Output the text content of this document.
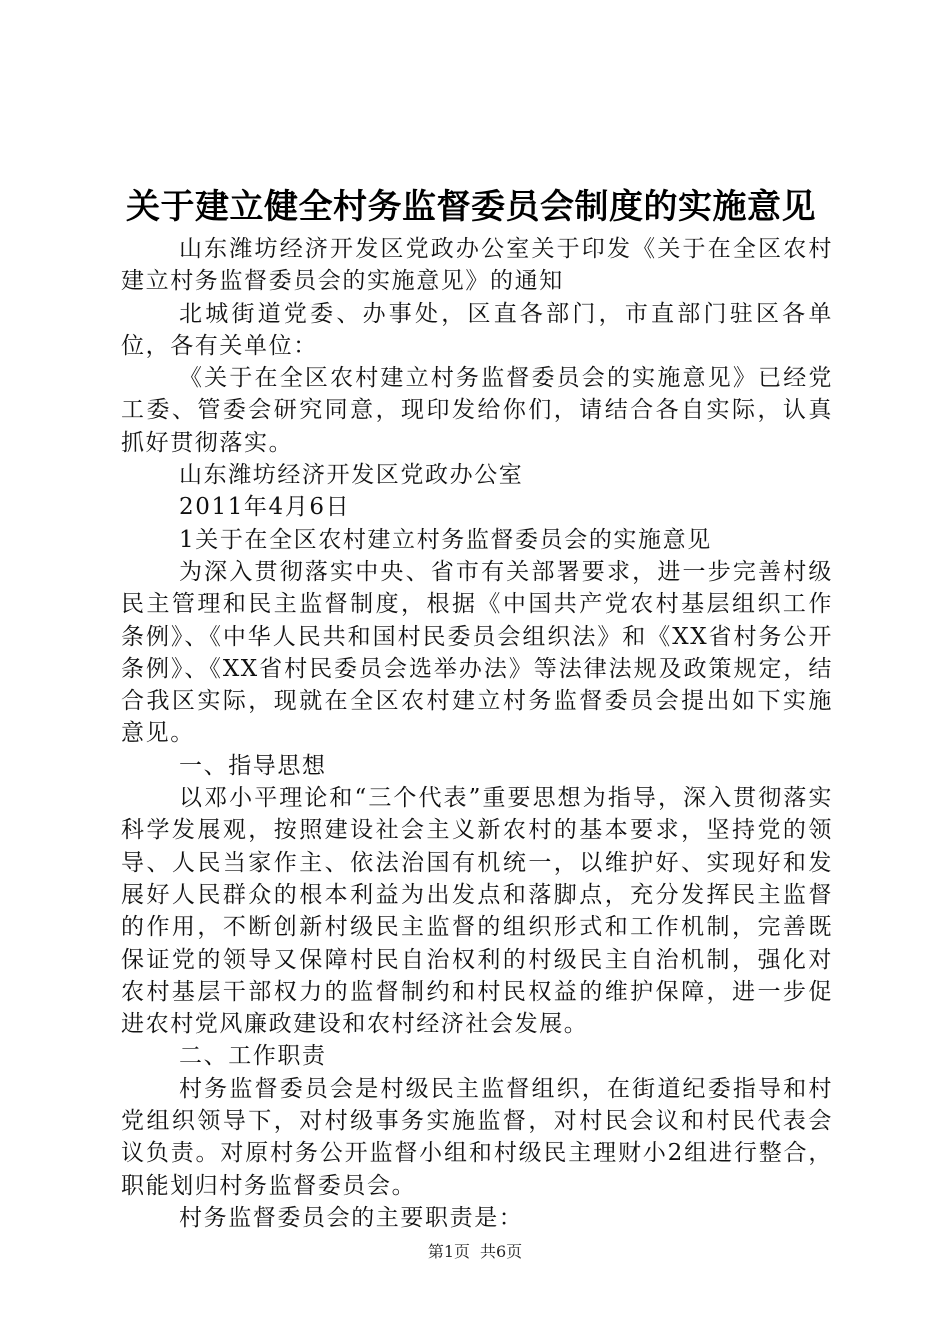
关于建立健全村务监督委员会制度的实施意见

山东潍坊经济开发区党政办公室关于印发《关于在全区农村建立村务监督委员会的实施意见》的通知

北城街道党委、办事处，区直各部门，市直部门驻区各单位，各有关单位：

《关于在全区农村建立村务监督委员会的实施意见》已经党工委、管委会研究同意，现印发给你们，请结合各自实际，认真抓好贯彻落实。

山东潍坊经济开发区党政办公室

2011年4月6日

1关于在全区农村建立村务监督委员会的实施意见

为深入贯彻落实中央、省市有关部署要求，进一步完善村级民主管理和民主监督制度，根据《中国共产党农村基层组织工作条例》、《中华人民共和国村民委员会组织法》和《XX省村务公开条例》、《XX省村民委员会选举办法》等法律法规及政策规定，结合我区实际，现就在全区农村建立村务监督委员会提出如下实施意见。

一、指导思想

以邓小平理论和“三个代表”重要思想为指导，深入贯彻落实科学发展观，按照建设社会主义新农村的基本要求，坚持党的领导、人民当家作主、依法治国有机统一，以维护好、实现好和发展好人民群众的根本利益为出发点和落脚点，充分发挥民主监督的作用，不断创新村级民主监督的组织形式和工作机制，完善既保证党的领导又保障村民自治权利的村级民主自治机制，强化对农村基层干部权力的监督制约和村民权益的维护保障，进一步促进农村党风廉政建设和农村经济社会发展。

二、工作职责

村务监督委员会是村级民主监督组织，在街道纪委指导和村党组织领导下，对村级事务实施监督，对村民会议和村民代表会议负责。对原村务公开监督小组和村级民主理财小2组进行整合，职能划归村务监督委员会。

村务监督委员会的主要职责是：

第1页 共6页
